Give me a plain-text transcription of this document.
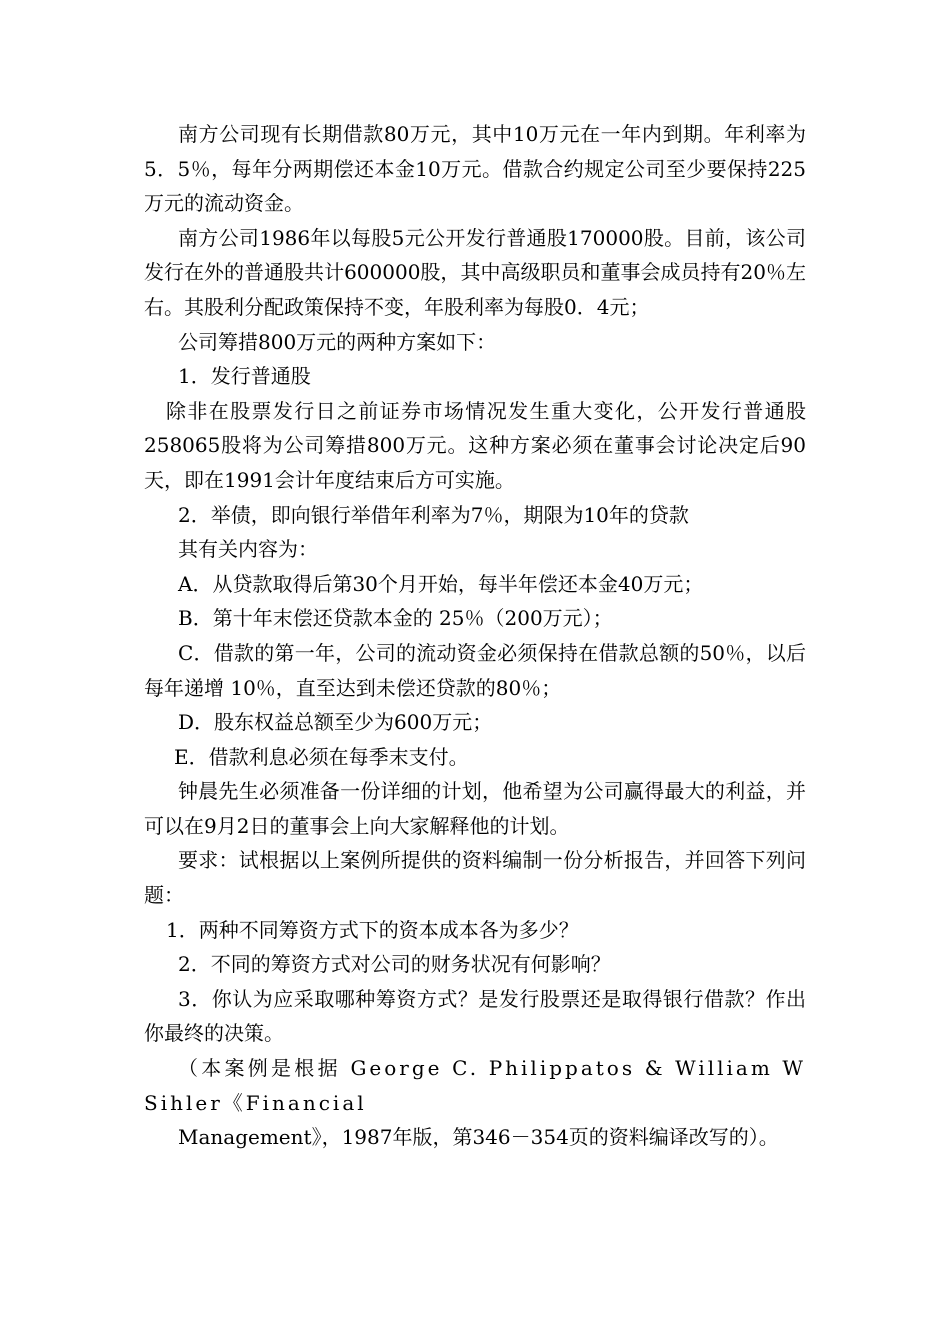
南方公司现有长期借款80万元，其中10万元在一年内到期。年利率为 5．5％，每年分两期偿还本金10万元。借款合约规定公司至少要保持225万元的流动资金。

南方公司1986年以每股5元公开发行普通股170000股。目前，该公司发行在外的普通股共计600000股，其中高级职员和董事会成员持有20％左右。其股利分配政策保持不变，年股利率为每股0．4元；

公司筹措800万元的两种方案如下：

1．发行普通股

除非在股票发行日之前证券市场情况发生重大变化，公开发行普通股258065股将为公司筹措800万元。这种方案必须在董事会讨论决定后90天，即在1991会计年度结束后方可实施。

2．举债，即向银行举借年利率为7％，期限为10年的贷款

其有关内容为：

A．从贷款取得后第30个月开始，每半年偿还本金40万元；

B．第十年末偿还贷款本金的 25％（200万元）；

C．借款的第一年，公司的流动资金必须保持在借款总额的50％，以后每年递增 10％，直至达到未偿还贷款的80％；

D．股东权益总额至少为600万元；

E．借款利息必须在每季末支付。

钟晨先生必须准备一份详细的计划，他希望为公司赢得最大的利益，并可以在9月2日的董事会上向大家解释他的计划。

要求：试根据以上案例所提供的资料编制一份分析报告，并回答下列问题：

1．两种不同筹资方式下的资本成本各为多少？

2．不同的筹资方式对公司的财务状况有何影响？

3．你认为应采取哪种筹资方式？是发行股票还是取得银行借款？作出你最终的决策。

（本案例是根据 George C. Philippatos & William W Sihler《Financial

Management》，1987年版，第346－354页的资料编译改写的）。
